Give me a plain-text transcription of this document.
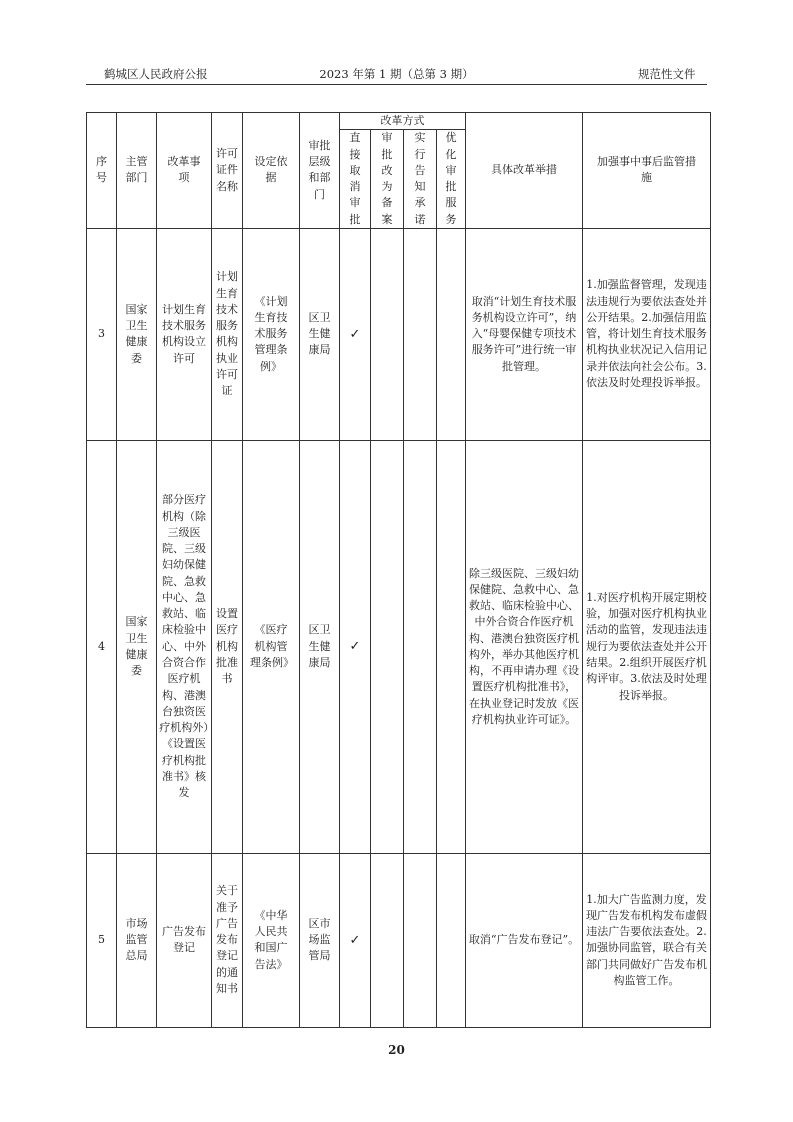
鹤城区人民政府公报	2023 年第 1 期（总第 3 期）	规范性文件
序号	主管部门	改革事项	许可证件名称	设定依据	审批层级和部门	改革方式				具体改革举措	加强事中事后监管措施
						直接取消审批	审批改为备案	实行告知承诺	优化审批服务		
3	国家卫生健康委	计划生育技术服务机构设立许可	计划生育技术服务机构执业许可证	《计划生育技术服务管理条例》	区卫生健康局	✓				取消“计划生育技术服务机构设立许可”，纳入“母婴保健专项技术服务许可”进行统一审批管理。	1.加强监督管理，发现违法违规行为要依法查处并公开结果。2.加强信用监管，将计划生育技术服务机构执业状况记入信用记录并依法向社会公布。3.依法及时处理投诉举报。
4	国家卫生健康委	部分医疗机构（除三级医院、三级妇幼保健院、急救中心、急救站、临床检验中心、中外合资合作医疗机构、港澳台独资医疗机构外）《设置医疗机构批准书》核发	设置医疗机构批准书	《医疗机构管理条例》	区卫生健康局	✓				除三级医院、三级妇幼保健院、急救中心、急救站、临床检验中心、中外合资合作医疗机构、港澳台独资医疗机构外，举办其他医疗机构，不再申请办理《设置医疗机构批准书》，在执业登记时发放《医疗机构执业许可证》。	1.对医疗机构开展定期校验，加强对医疗机构执业活动的监管，发现违法违规行为要依法查处并公开结果。2.组织开展医疗机构评审。3.依法及时处理投诉举报。
5	市场监管总局	广告发布登记	关于准予广告发布登记的通知书	《中华人民共和国广告法》	区市场监管局	✓				取消“广告发布登记”。	1.加大广告监测力度，发现广告发布机构发布虚假违法广告要依法查处。2.加强协同监管，联合有关部门共同做好广告发布机构监管工作。
20
